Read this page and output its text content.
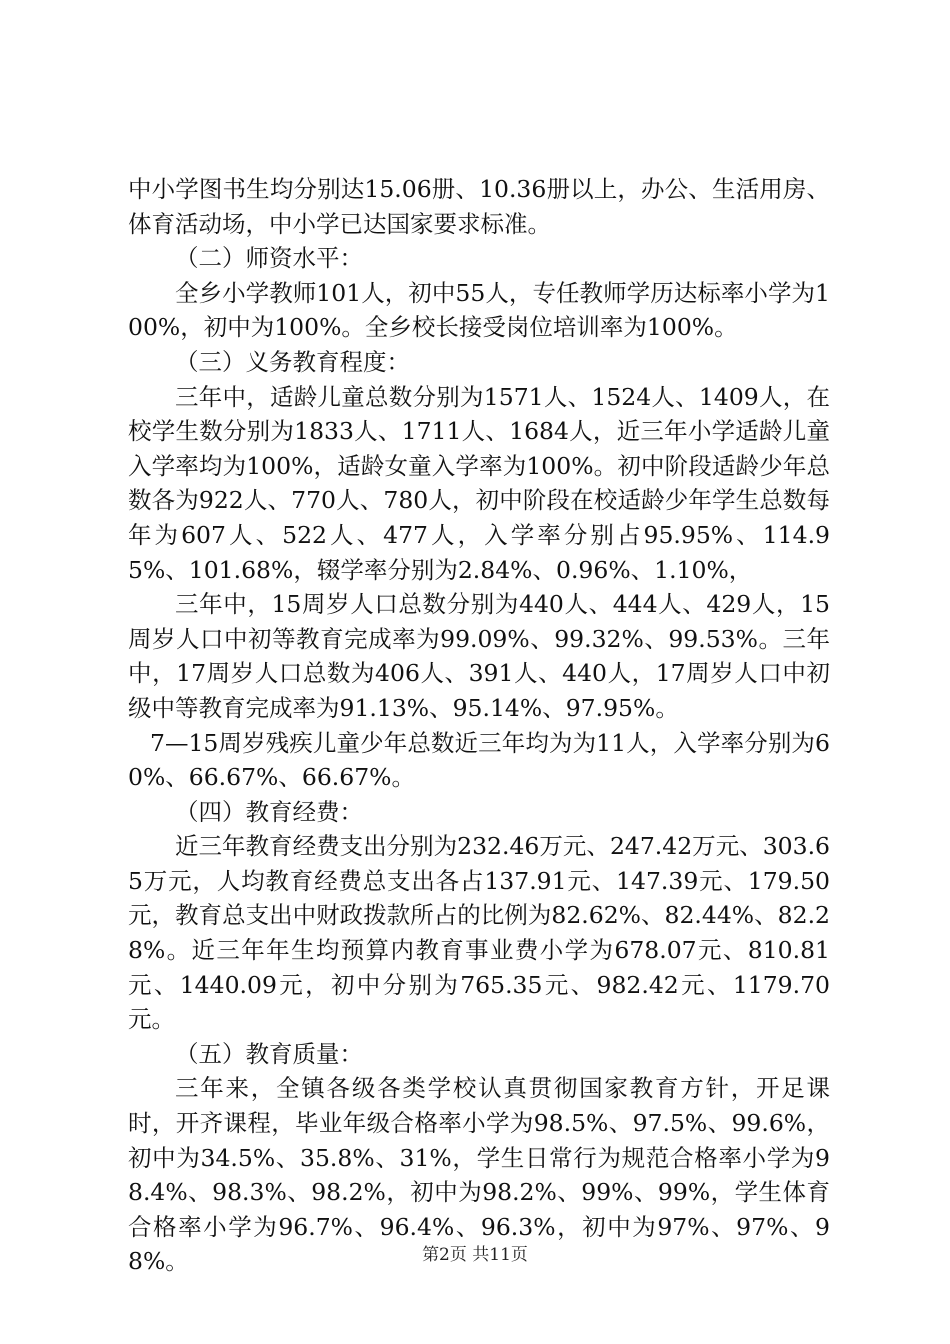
中小学图书生均分别达15.06册、10.36册以上，办公、生活用房、体育活动场，中小学已达国家要求标准。

（二）师资水平：

全乡小学教师101人，初中55人，专任教师学历达标率小学为100%，初中为100%。全乡校长接受岗位培训率为100%。

（三）义务教育程度：

三年中，适龄儿童总数分别为1571人、1524人、1409人，在校学生数分别为1833人、1711人、1684人，近三年小学适龄儿童入学率均为100%，适龄女童入学率为100%。初中阶段适龄少年总数各为922人、770人、780人，初中阶段在校适龄少年学生总数每年为607人、522人、477人，入学率分别占95.95%、114.95%、101.68%，辍学率分别为2.84%、0.96%、1.10%，

三年中，15周岁人口总数分别为440人、444人、429人，15周岁人口中初等教育完成率为99.09%、99.32%、99.53%。三年中，17周岁人口总数为406人、391人、440人，17周岁人口中初级中等教育完成率为91.13%、95.14%、97.95%。

7—15周岁残疾儿童少年总数近三年均为为11人，入学率分别为60%、66.67%、66.67%。

（四）教育经费：

近三年教育经费支出分别为232.46万元、247.42万元、303.65万元，人均教育经费总支出各占137.91元、147.39元、179.50元，教育总支出中财政拨款所占的比例为82.62%、82.44%、82.28%。近三年年生均预算内教育事业费小学为678.07元、810.81元、1440.09元，初中分别为765.35元、982.42元、1179.70元。

（五）教育质量：

三年来，全镇各级各类学校认真贯彻国家教育方针，开足课时，开齐课程，毕业年级合格率小学为98.5%、97.5%、99.6%，初中为34.5%、35.8%、31%，学生日常行为规范合格率小学为98.4%、98.3%、98.2%，初中为98.2%、99%、99%，学生体育合格率小学为96.7%、96.4%、96.3%，初中为97%、97%、98%。	第2页 共11页
